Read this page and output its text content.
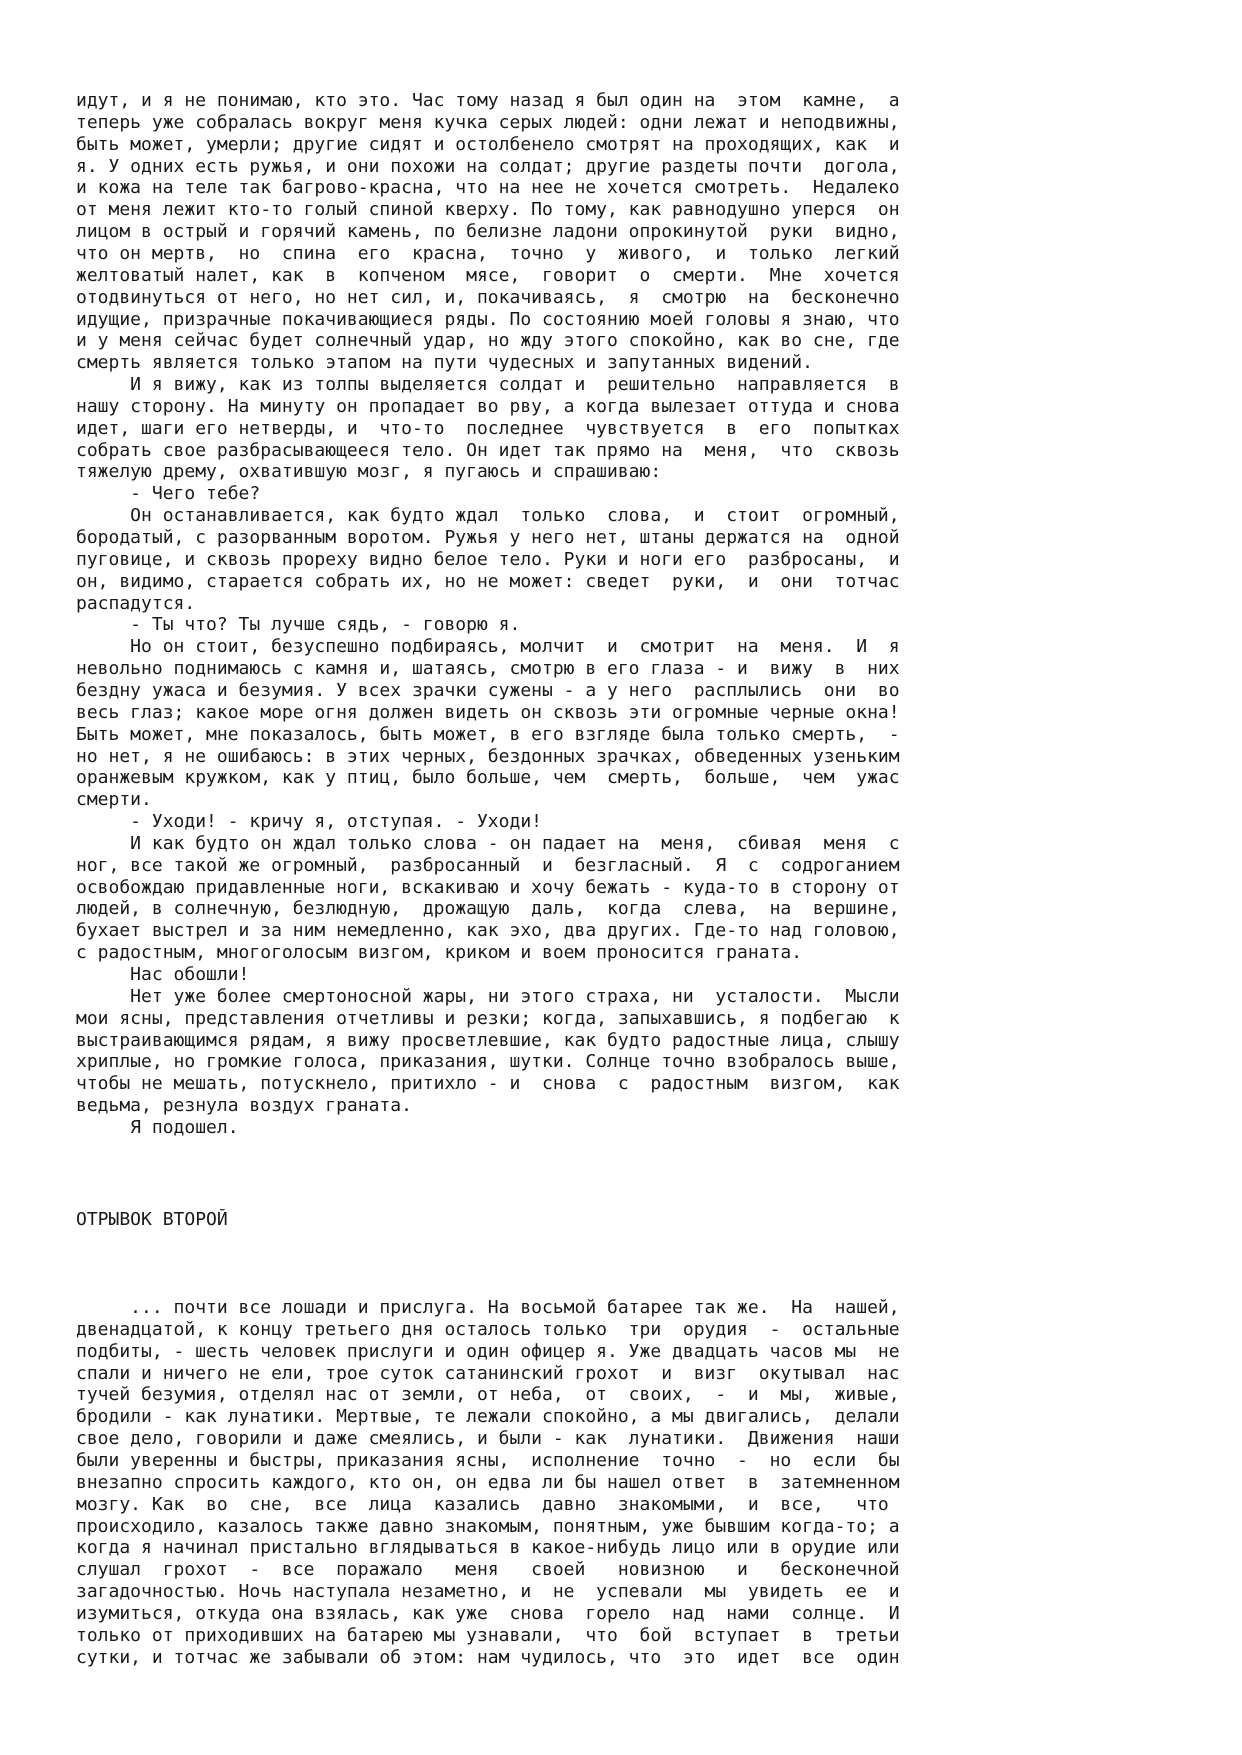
идут, и я не понимаю, кто это. Час тому назад я был один на  этом  камне,  а
теперь уже собралась вокруг меня кучка серых людей: одни лежат и неподвижны,
быть может, умерли; другие сидят и остолбенело смотрят на проходящих, как  и
я. У одних есть ружья, и они похожи на солдат; другие раздеты почти  догола,
и кожа на теле так багрово-красна, что на нее не хочется смотреть.  Недалеко
от меня лежит кто-то голый спиной кверху. По тому, как равнодушно уперся  он
лицом в острый и горячий камень, по белизне ладони опрокинутой  руки  видно,
что он мертв,  но  спина  его  красна,  точно  у  живого,  и  только  легкий
желтоватый налет, как  в  копченом  мясе,  говорит  о  смерти.  Мне  хочется
отодвинуться от него, но нет сил, и, покачиваясь,  я  смотрю  на  бесконечно
идущие, призрачные покачивающиеся ряды. По состоянию моей головы я знаю, что
и у меня сейчас будет солнечный удар, но жду этого спокойно, как во сне, где
смерть является только этапом на пути чудесных и запутанных видений.
И я вижу, как из толпы выделяется солдат и  решительно  направляется  в
нашу сторону. На минуту он пропадает во рву, а когда вылезает оттуда и снова
идет, шаги его нетверды, и  что-то  последнее  чувствуется  в  его  попытках
собрать свое разбрасывающееся тело. Он идет так прямо на  меня,  что  сквозь
тяжелую дрему, охватившую мозг, я пугаюсь и спрашиваю:
- Чего тебе?
Он останавливается, как будто ждал  только  слова,  и  стоит  огромный,
бородатый, с разорванным воротом. Ружья у него нет, штаны держатся на  одной
пуговице, и сквозь прореху видно белое тело. Руки и ноги его  разбросаны,  и
он, видимо, старается собрать их, но не может: сведет  руки,  и  они  тотчас
распадутся.
- Ты что? Ты лучше сядь, - говорю я.
Но он стоит, безуспешно подбираясь, молчит  и  смотрит  на  меня.  И  я
невольно поднимаюсь с камня и, шатаясь, смотрю в его глаза - и  вижу  в  них
бездну ужаса и безумия. У всех зрачки сужены - а у него  расплылись  они  во
весь глаз; какое море огня должен видеть он сквозь эти огромные черные окна!
Быть может, мне показалось, быть может, в его взгляде была только смерть,  -
но нет, я не ошибаюсь: в этих черных, бездонных зрачках, обведенных узеньким
оранжевым кружком, как у птиц, было больше, чем  смерть,  больше,  чем  ужас
смерти.
- Уходи! - кричу я, отступая. - Уходи!
И как будто он ждал только слова - он падает на  меня,  сбивая  меня  с
ног, все такой же огромный,  разбросанный  и  безгласный.  Я  с  содроганием
освобождаю придавленные ноги, вскакиваю и хочу бежать - куда-то в сторону от
людей, в солнечную, безлюдную,  дрожащую  даль,  когда  слева,  на  вершине,
бухает выстрел и за ним немедленно, как эхо, два других. Где-то над головою,
с радостным, многоголосым визгом, криком и воем проносится граната.
Нас обошли!
Нет уже более смертоносной жары, ни этого страха, ни  усталости.  Мысли
мои ясны, представления отчетливы и резки; когда, запыхавшись, я подбегаю  к
выстраивающимся рядам, я вижу просветлевшие, как будто радостные лица, слышу
хриплые, но громкие голоса, приказания, шутки. Солнце точно взобралось выше,
чтобы не мешать, потускнело, притихло - и  снова  с  радостным  визгом,  как
ведьма, резнула воздух граната.
Я подошел.
ОТРЫВОК ВТОРОЙ
... почти все лошади и прислуга. На восьмой батарее так же.  На  нашей,
двенадцатой, к концу третьего дня осталось только  три  орудия  -  остальные
подбиты, - шесть человек прислуги и один офицер я. Уже двадцать часов мы  не
спали и ничего не ели, трое суток сатанинский грохот  и  визг  окутывал  нас
тучей безумия, отделял нас от земли, от неба,  от  своих,  -  и  мы,  живые,
бродили - как лунатики. Мертвые, те лежали спокойно, а мы двигались,  делали
свое дело, говорили и даже смеялись, и были - как  лунатики.  Движения  наши
были уверенны и быстры, приказания ясны,  исполнение  точно  -  но  если  бы
внезапно спросить каждого, кто он, он едва ли бы нашел ответ  в  затемненном
мозгу. Как  во  сне,  все  лица  казались  давно  знакомыми,  и  все,   что
происходило, казалось также давно знакомым, понятным, уже бывшим когда-то; а
когда я начинал пристально вглядываться в какое-нибудь лицо или в орудие или
слушал  грохот  -  все  поражало   меня   своей   новизною   и   бесконечной
загадочностью. Ночь наступала незаметно, и  не  успевали  мы  увидеть  ее  и
изумиться, откуда она взялась, как уже  снова  горело  над  нами  солнце.  И
только от приходивших на батарею мы узнавали,  что  бой  вступает  в  третьи
сутки, и тотчас же забывали об этом: нам чудилось, что  это  идет  все  один
